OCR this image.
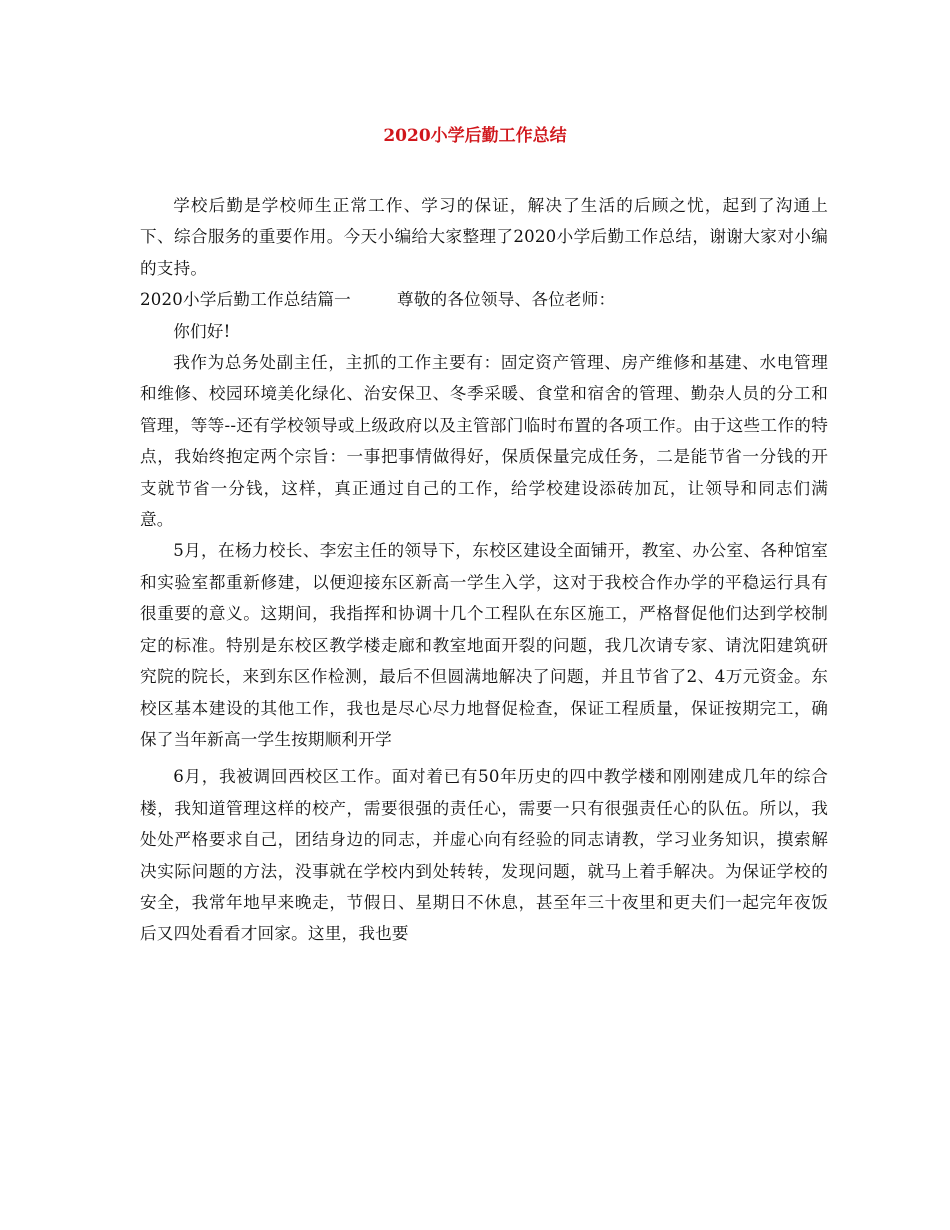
2020小学后勤工作总结

学校后勤是学校师生正常工作、学习的保证，解决了生活的后顾之忧，起到了沟通上下、综合服务的重要作用。今天小编给大家整理了2020小学后勤工作总结，谢谢大家对小编的支持。

2020小学后勤工作总结篇一	尊敬的各位领导、各位老师：

你们好!

我作为总务处副主任，主抓的工作主要有：固定资产管理、房产维修和基建、水电管理和维修、校园环境美化绿化、治安保卫、冬季采暖、食堂和宿舍的管理、勤杂人员的分工和管理，等等--还有学校领导或上级政府以及主管部门临时布置的各项工作。由于这些工作的特点，我始终抱定两个宗旨：一事把事情做得好，保质保量完成任务，二是能节省一分钱的开支就节省一分钱，这样，真正通过自己的工作，给学校建设添砖加瓦，让领导和同志们满意。

5月，在杨力校长、李宏主任的领导下，东校区建设全面铺开，教室、办公室、各种馆室和实验室都重新修建，以便迎接东区新高一学生入学，这对于我校合作办学的平稳运行具有很重要的意义。这期间，我指挥和协调十几个工程队在东区施工，严格督促他们达到学校制定的标准。特别是东校区教学楼走廊和教室地面开裂的问题，我几次请专家、请沈阳建筑研究院的院长，来到东区作检测，最后不但圆满地解决了问题，并且节省了2、4万元资金。东校区基本建设的其他工作，我也是尽心尽力地督促检查，保证工程质量，保证按期完工，确保了当年新高一学生按期顺利开学

6月，我被调回西校区工作。面对着已有50年历史的四中教学楼和刚刚建成几年的综合楼，我知道管理这样的校产，需要很强的责任心，需要一只有很强责任心的队伍。所以，我处处严格要求自己，团结身边的同志，并虚心向有经验的同志请教，学习业务知识，摸索解决实际问题的方法，没事就在学校内到处转转，发现问题，就马上着手解决。为保证学校的安全，我常年地早来晚走，节假日、星期日不休息，甚至年三十夜里和更夫们一起完年夜饭后又四处看看才回家。这里，我也要
